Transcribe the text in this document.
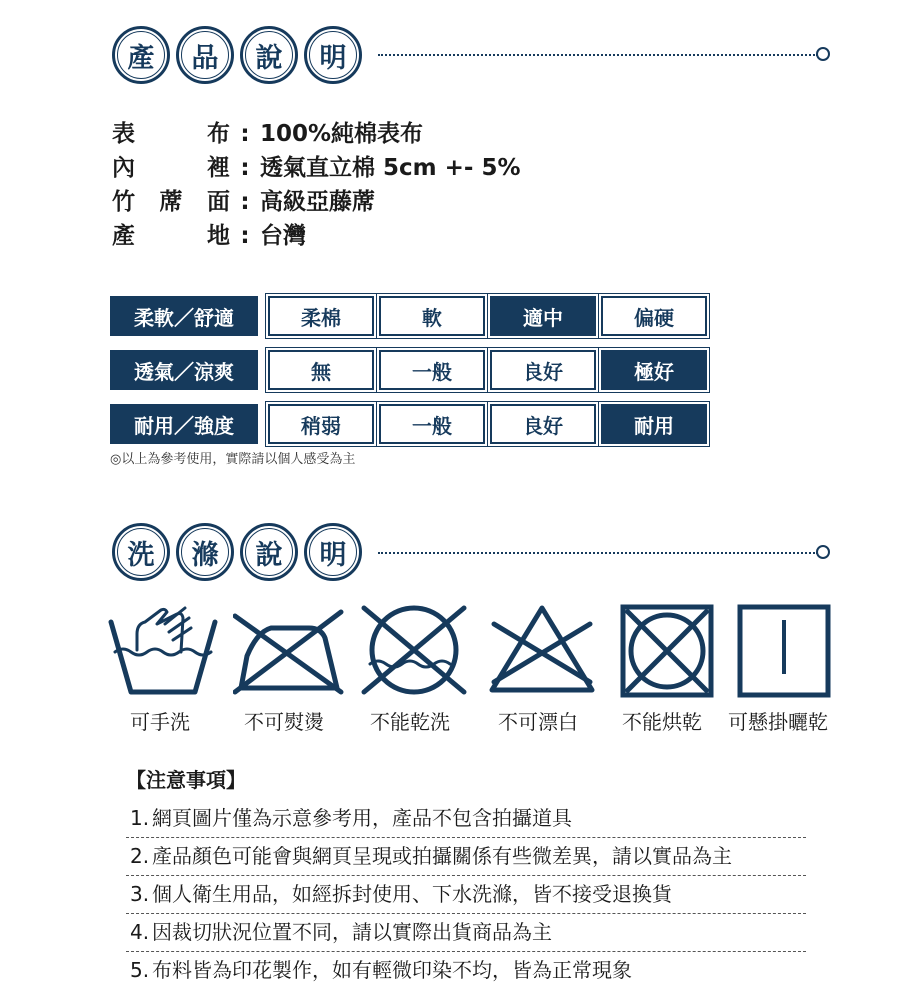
產	品	說	明
表	布 : 100%純棉表布
內	裡 : 透氣直立棉 5cm +- 5%
竹 蓆 面 : 高級亞藤蓆
產	地 : 台灣
柔軟／舒適	柔棉	軟	適中	偏硬
透氣／涼爽	無	一般	良好	極好
耐用／強度	稍弱	一般	良好	耐用
◎以上為參考使用，實際請以個人感受為主
洗	滌	說	明
可手洗	不可熨燙 不能乾洗 不可漂白 不能烘乾 可懸掛曬乾
【注意事項】
1. 網頁圖片僅為示意參考用，產品不包含拍攝道具
2. 產品顏色可能會與網頁呈現或拍攝關係有些微差異，請以實品為主
3. 個人衛生用品，如經拆封使用、下水洗滌，皆不接受退換貨
4. 因裁切狀況位置不同，請以實際出貨商品為主
5. 布料皆為印花製作，如有輕微印染不均，皆為正常現象
